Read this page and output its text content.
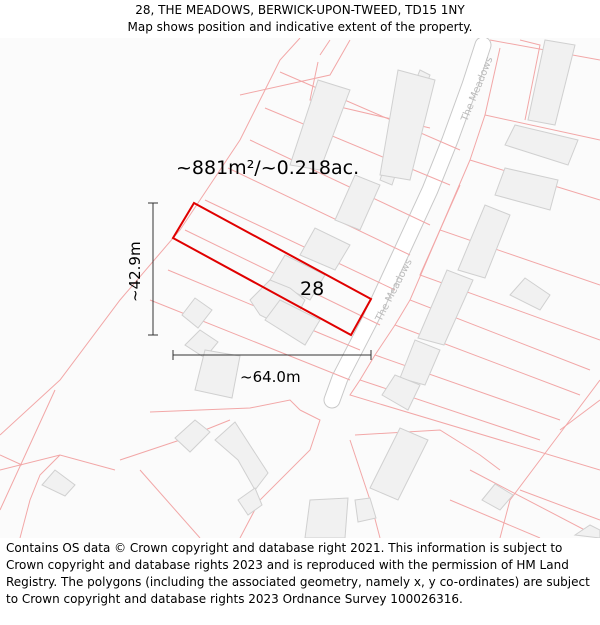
28, THE MEADOWS, BERWICK-UPON-TWEED, TD15 1NY
Map shows position and indicative extent of the property.
The Meadows
The Meadows
~881m²/~0.218ac.
28
~42.9m
~64.0m
Contains OS data © Crown copyright and database right 2021. This information is subject to Crown copyright and database rights 2023 and is reproduced with the permission of HM Land Registry. The polygons (including the associated geometry, namely x, y co-ordinates) are subject to Crown copyright and database rights 2023 Ordnance Survey 100026316.
